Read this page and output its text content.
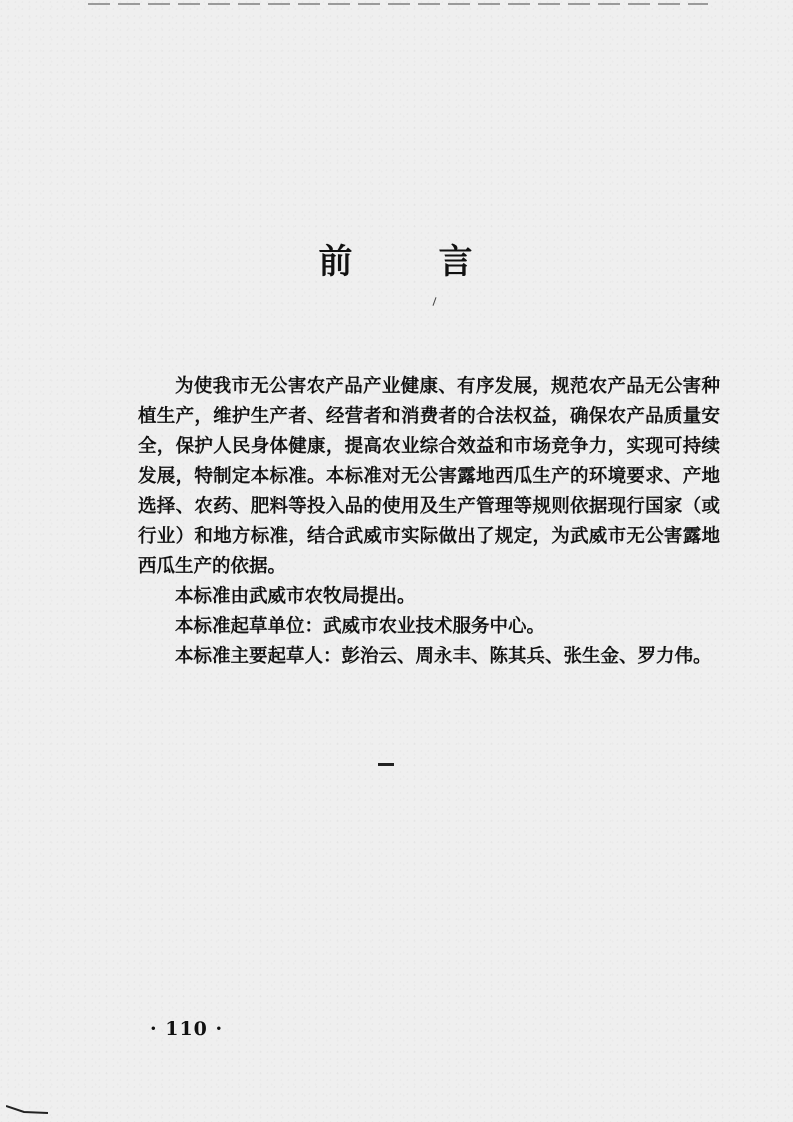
前 言

为使我市无公害农产品产业健康、有序发展，规范农产品无公害种植生产，维护生产者、经营者和消费者的合法权益，确保农产品质量安全，保护人民身体健康，提高农业综合效益和市场竞争力，实现可持续发展，特制定本标准。本标准对无公害露地西瓜生产的环境要求、产地选择、农药、肥料等投入品的使用及生产管理等规则依据现行国家（或行业）和地方标准，结合武威市实际做出了规定，为武威市无公害露地西瓜生产的依据。

本标准由武威市农牧局提出。

本标准起草单位：武威市农业技术服务中心。

本标准主要起草人：彭治云、周永丰、陈其兵、张生金、罗力伟。

· 110 ·
